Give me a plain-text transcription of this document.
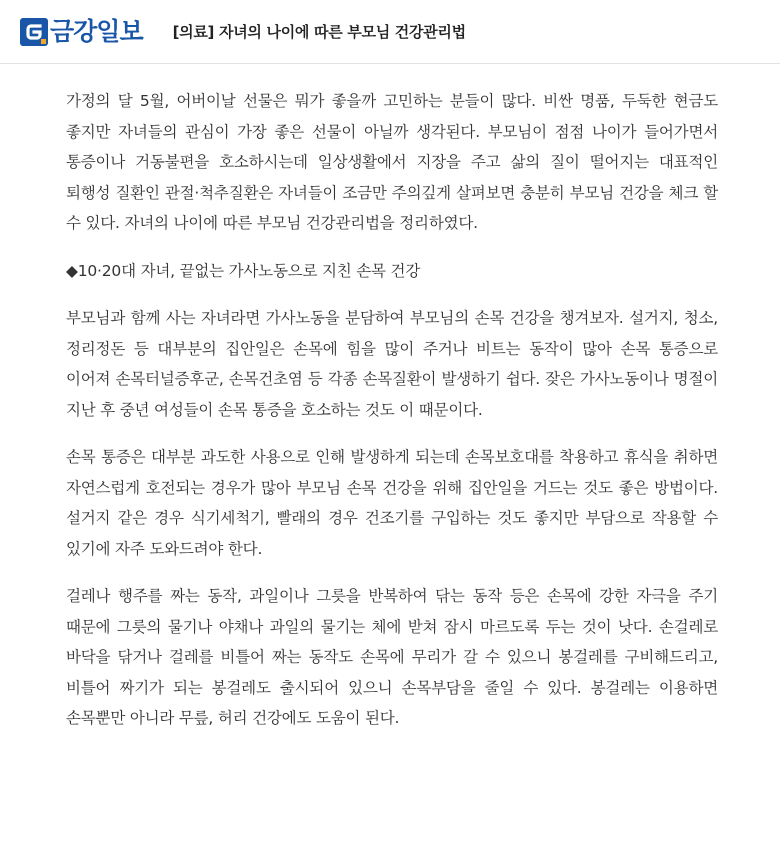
금강일보 [의료] 자녀의 나이에 따른 부모님 건강관리법

가정의 달 5월, 어버이날 선물은 뭐가 좋을까 고민하는 분들이 많다. 비싼 명품, 두둑한 현금도 좋지만 자녀들의 관심이 가장 좋은 선물이 아닐까 생각된다. 부모님이 점점 나이가 들어가면서 통증이나 거동불편을 호소하시는데 일상생활에서 지장을 주고 삶의 질이 떨어지는 대표적인 퇴행성 질환인 관절·척추질환은 자녀들이 조금만 주의깊게 살펴보면 충분히 부모님 건강을 체크 할 수 있다. 자녀의 나이에 따른 부모님 건강관리법을 정리하였다.

◆10·20대 자녀, 끝없는 가사노동으로 지친 손목 건강

부모님과 함께 사는 자녀라면 가사노동을 분담하여 부모님의 손목 건강을 챙겨보자. 설거지, 청소, 정리정돈 등 대부분의 집안일은 손목에 힘을 많이 주거나 비트는 동작이 많아 손목 통증으로 이어져 손목터널증후군, 손목건초염 등 각종 손목질환이 발생하기 쉽다. 잦은 가사노동이나 명절이 지난 후 중년 여성들이 손목 통증을 호소하는 것도 이 때문이다.

손목 통증은 대부분 과도한 사용으로 인해 발생하게 되는데 손목보호대를 착용하고 휴식을 취하면 자연스럽게 호전되는 경우가 많아 부모님 손목 건강을 위해 집안일을 거드는 것도 좋은 방법이다. 설거지 같은 경우 식기세척기, 빨래의 경우 건조기를 구입하는 것도 좋지만 부담으로 작용할 수 있기에 자주 도와드려야 한다.

걸레나 행주를 짜는 동작, 과일이나 그릇을 반복하여 닦는 동작 등은 손목에 강한 자극을 주기 때문에 그릇의 물기나 야채나 과일의 물기는 체에 받쳐 잠시 마르도록 두는 것이 낫다. 손걸레로 바닥을 닦거나 걸레를 비틀어 짜는 동작도 손목에 무리가 갈 수 있으니 봉걸레를 구비해드리고, 비틀어 짜기가 되는 봉걸레도 출시되어 있으니 손목부담을 줄일 수 있다. 봉걸레는 이용하면 손목뿐만 아니라 무릎, 허리 건강에도 도움이 된다.
